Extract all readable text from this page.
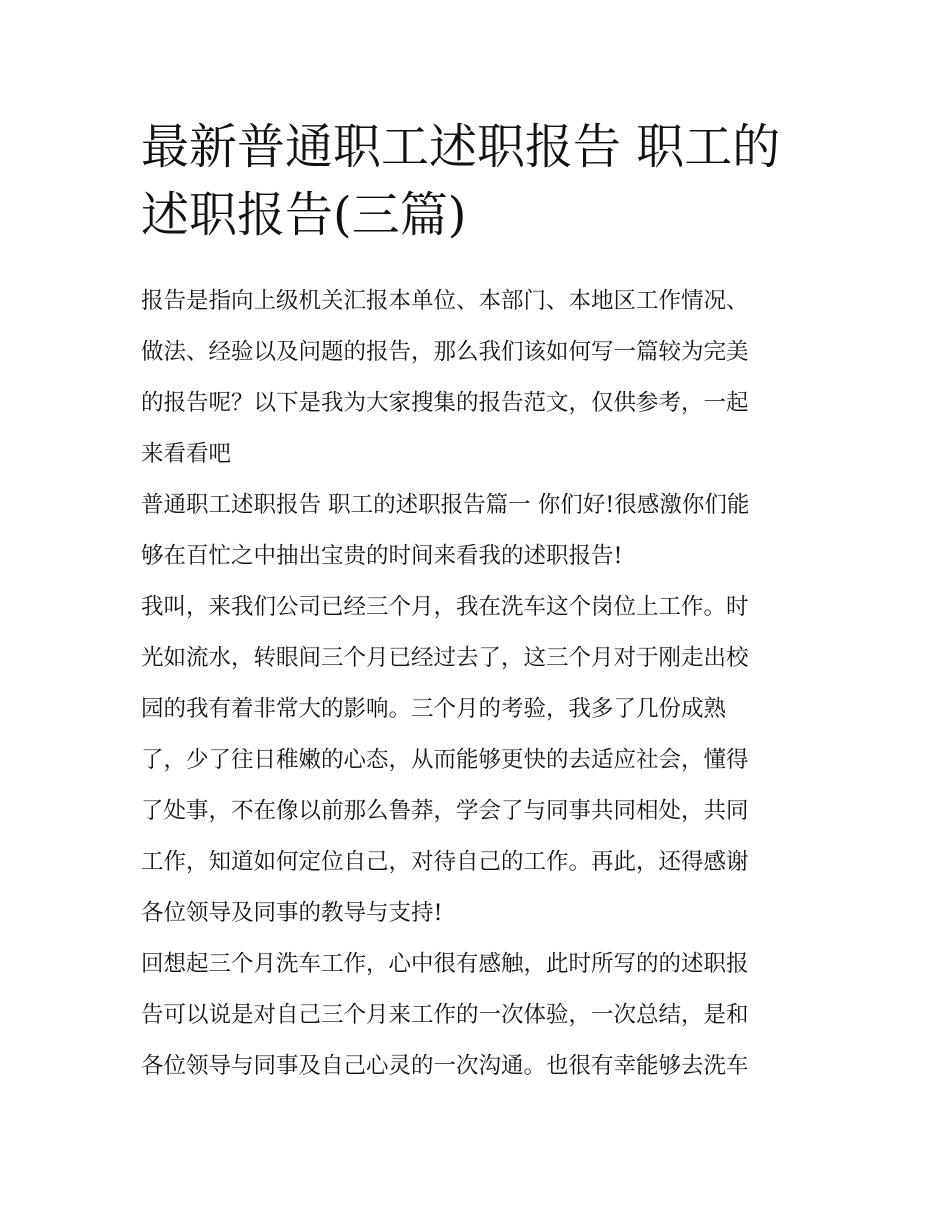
最新普通职工述职报告 职工的
述职报告(三篇)
报告是指向上级机关汇报本单位、本部门、本地区工作情况、
做法、经验以及问题的报告，那么我们该如何写一篇较为完美
的报告呢？以下是我为大家搜集的报告范文，仅供参考，一起
来看看吧
普通职工述职报告 职工的述职报告篇一 你们好!很感激你们能
够在百忙之中抽出宝贵的时间来看我的述职报告!
我叫，来我们公司已经三个月，我在洗车这个岗位上工作。时
光如流水，转眼间三个月已经过去了，这三个月对于刚走出校
园的我有着非常大的影响。三个月的考验，我多了几份成熟
了，少了往日稚嫩的心态，从而能够更快的去适应社会，懂得
了处事，不在像以前那么鲁莽，学会了与同事共同相处，共同
工作，知道如何定位自己，对待自己的工作。再此，还得感谢
各位领导及同事的教导与支持!
回想起三个月洗车工作，心中很有感触，此时所写的的述职报
告可以说是对自己三个月来工作的一次体验，一次总结，是和
各位领导与同事及自己心灵的一次沟通。也很有幸能够去洗车
